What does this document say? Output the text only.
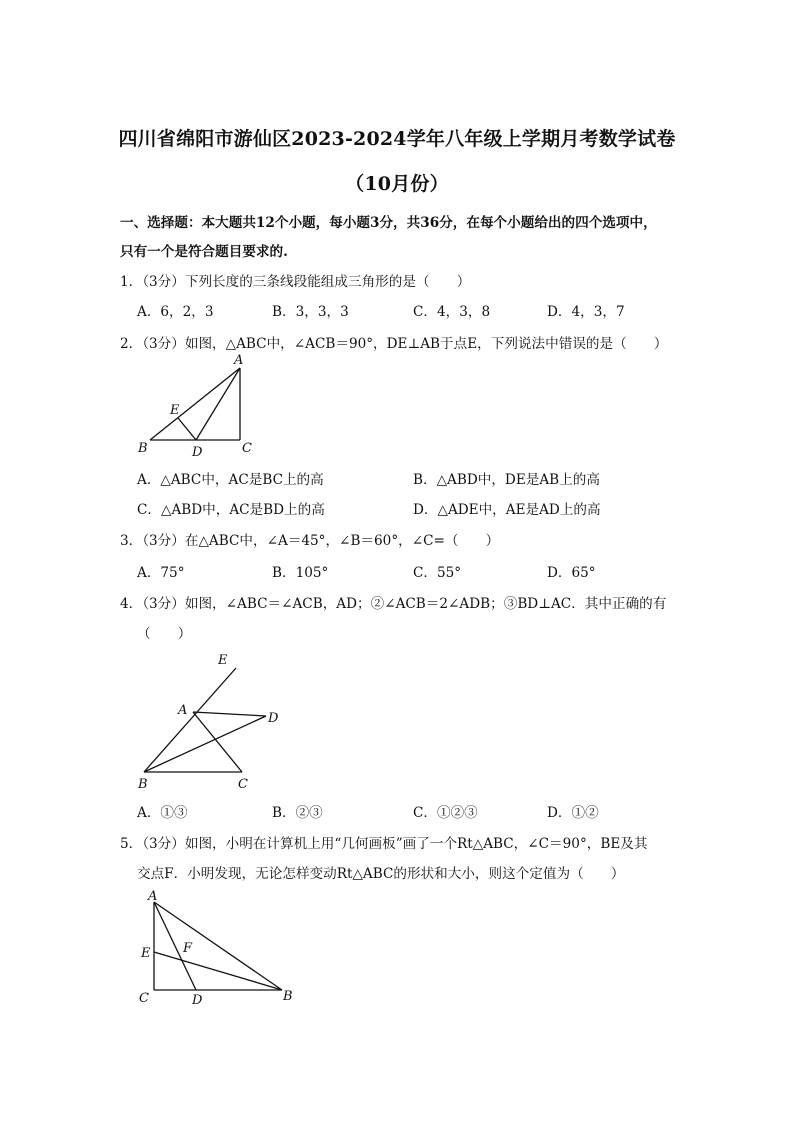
四川省绵阳市游仙区2023-2024学年八年级上学期月考数学试卷
（10月份）
一、选择题：本大题共12个小题，每小题3分，共36分，在每个小题给出的四个选项中，
只有一个是符合题目要求的.
1．（3分）下列长度的三条线段能组成三角形的是（　　）
A．6，2，3	B．3，3，3	C．4，3，8	D．4，3，7
2．（3分）如图，△ABC中，∠ACB＝90°，DE⊥AB于点E，下列说法中错误的是（　　）
A
E
B	D	C
A．△ABC中，AC是BC上的高	B．△ABD中，DE是AB上的高
C．△ABD中，AC是BD上的高	D．△ADE中，AE是AD上的高
3．（3分）在△ABC中，∠A＝45°，∠B＝60°，∠C=（　　）
A．75°	B．105°	C．55°	D．65°
4．（3分）如图，∠ABC＝∠ACB，AD；②∠ACB＝2∠ADB；③BD⊥AC．其中正确的有
（　　）
E
A
D
B	C
A．①③	B．②③	C．①②③	D．①②
5．（3分）如图，小明在计算机上用“几何画板”画了一个Rt△ABC，∠C＝90°，BE及其
交点F．小明发现，无论怎样变动Rt△ABC的形状和大小，则这个定值为（　　）
A
F
E
C	D	B
